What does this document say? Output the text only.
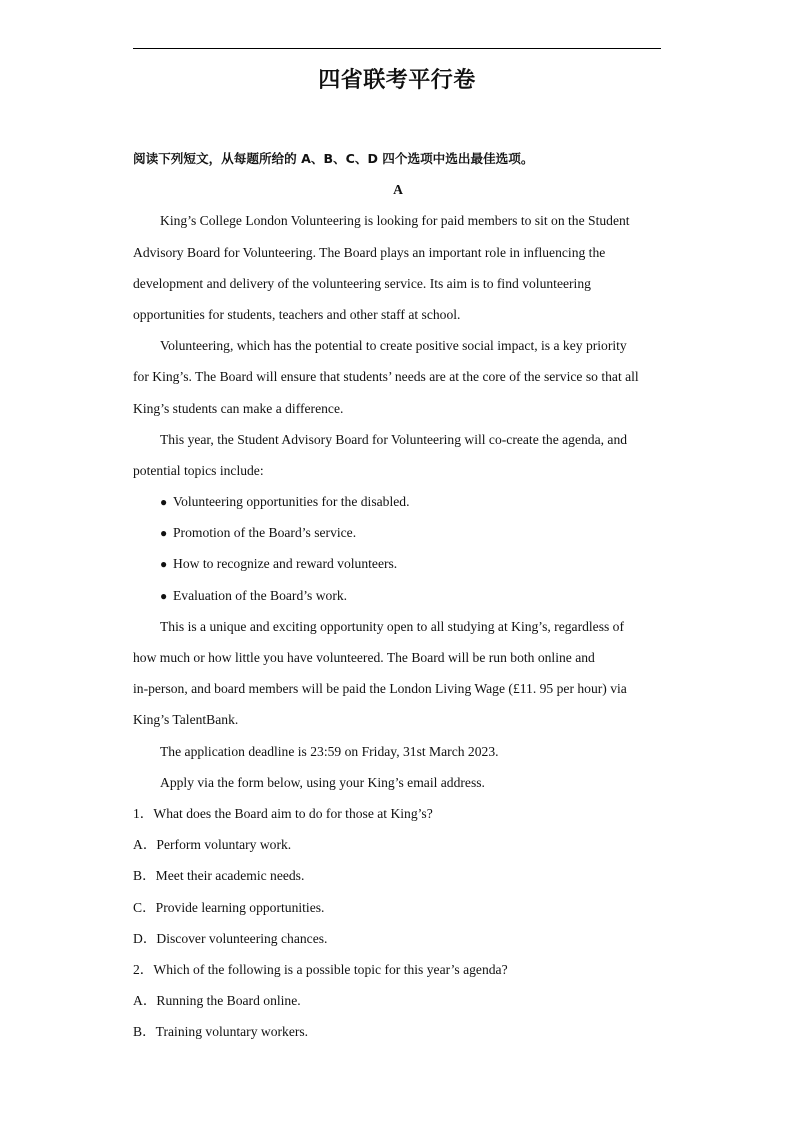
四省联考平行卷
阅读下列短文，从每题所给的 A、B、C、D 四个选项中选出最佳选项。
A
King’s College London Volunteering is looking for paid members to sit on the Student
Advisory Board for Volunteering. The Board plays an important role in influencing the
development and delivery of the volunteering service. Its aim is to find volunteering
opportunities for students, teachers and other staff at school.
Volunteering, which has the potential to create positive social impact, is a key priority
for King’s. The Board will ensure that students’ needs are at the core of the service so that all
King’s students can make a difference.
This year, the Student Advisory Board for Volunteering will co-create the agenda, and
potential topics include:
● Volunteering opportunities for the disabled.
● Promotion of the Board’s service.
● How to recognize and reward volunteers.
● Evaluation of the Board’s work.
This is a unique and exciting opportunity open to all studying at King’s, regardless of
how much or how little you have volunteered. The Board will be run both online and
in-person, and board members will be paid the London Living Wage (£11. 95 per hour) via
King’s TalentBank.
The application deadline is 23:59 on Friday, 31st March 2023.
Apply via the form below, using your King’s email address.
1．What does the Board aim to do for those at King’s?
A．Perform voluntary work.
B．Meet their academic needs.
C．Provide learning opportunities.
D．Discover volunteering chances.
2．Which of the following is a possible topic for this year’s agenda?
A．Running the Board online.
B．Training voluntary workers.
